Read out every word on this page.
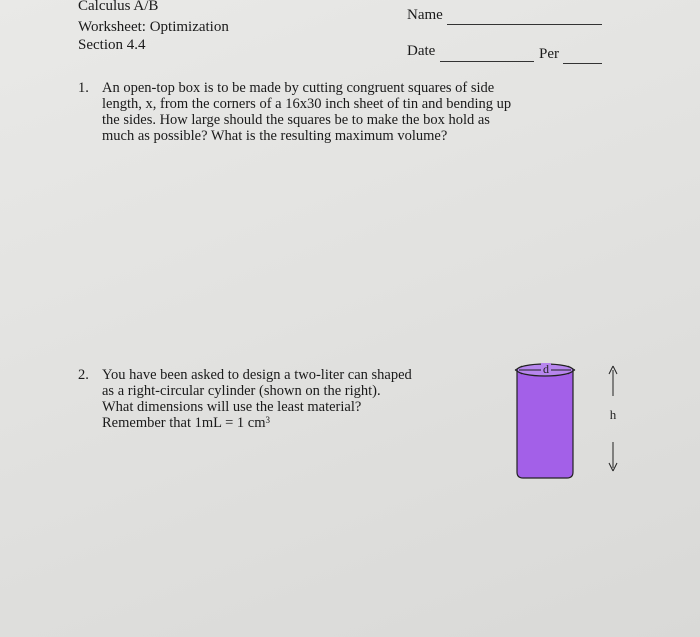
Calculus A/B
Worksheet: Optimization
Section 4.4
Name
Date	Per
1. An open-top box is to be made by cutting congruent squares of side
length, x, from the corners of a 16x30 inch sheet of tin and bending up
the sides. How large should the squares be to make the box hold as
much as possible? What is the resulting maximum volume?
2. You have been asked to design a two-liter can shaped
as a right-circular cylinder (shown on the right).
What dimensions will use the least material?
Remember that 1mL = 1 $cm^3$
d
h
